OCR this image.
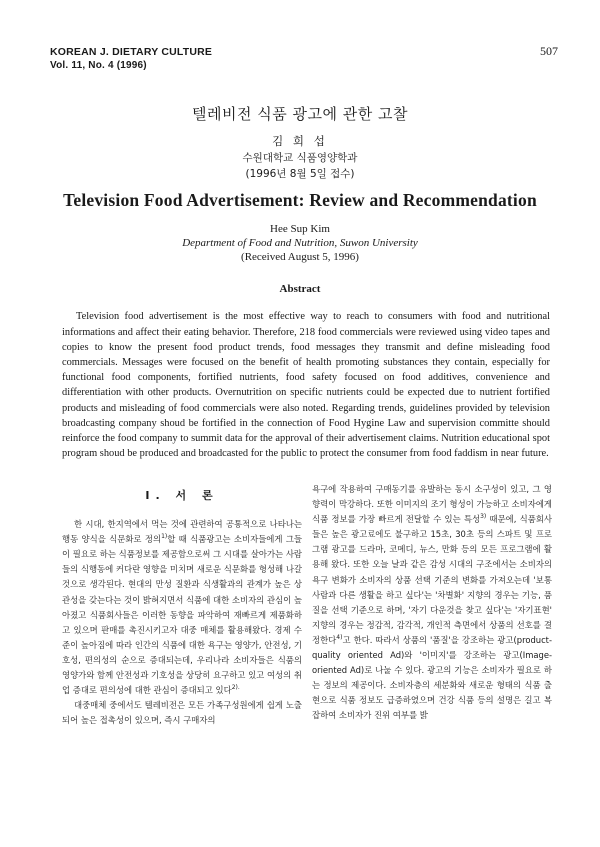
KOREAN J. DIETARY CULTURE
Vol. 11, No. 4 (1996)
507
텔레비전 식품 광고에 관한 고찰
김 희 섭
수원대학교 식품영양학과
(1996년 8월 5일 접수)
Television Food Advertisement: Review and Recommendation
Hee Sup Kim
Department of Food and Nutrition, Suwon University
(Received August 5, 1996)
Abstract

Television food advertisement is the most effective way to reach to consumers with food and nutritional informations and affect their eating behavior. Therefore, 218 food commercials were reviewed using video tapes and copies to know the present food product trends, food messages they transmit and define misleading food commercials. Messages were focused on the benefit of health promoting substances they contain, especially for functional food components, fortified nutrients, food safety focused on food additives, convenience and differentiation with other products. Overnutrition on specific nutrients could be expected due to nutrient fortified products and misleading of food commercials were also noted. Regarding trends, guidelines provided by television broadcasting company shoud be fortified in the connection of Food Hygine Law and supervision committe should reinforce the food company to summit data for the approval of their advertisement claims. Nutrition educational spot program shoud be produced and broadcasted for the public to protect the consumer from food faddism in near future.

I. 서 론

한 시대, 한지역에서 먹는 것에 관련하여 공통적으로 나타나는 행동 양식을 식문화로 정의$^{1)}$할 때 식품광고는 소비자들에게 그들이 필요로 하는 식품정보를 제공함으로써 그 시대를 살아가는 사람들의 식행동에 커다란 영향을 미치며 새로운 식문화를 형성해 나갈 것으로 생각된다. 현대의 만성 질환과 식생활과의 관계가 높은 상관성을 갖는다는 것이 밝혀지면서 식품에 대한 소비자의 관심이 높아졌고 식품회사들은 이러한 동향을 파악하여 재빠르게 제품화하고 있으며 판매를 촉진시키고자 대중 매체를 활용해왔다. 경제 수준이 높아짐에 따라 인간의 식품에 대한 욕구는 영양가, 안전성, 기호성, 편의성의 순으로 증대되는데, 우리나라 소비자들은 식품의 영양가와 함께 안전성과 기호성을 상당히 요구하고 있고 여성의 취업 증대로 편의성에 대한 관심이 증대되고 있다$^{2).}$

대중매체 중에서도 텔레비전은 모든 가족구성원에게 쉽게 노출되어 높은 접촉성이 있으며, 즉시 구매자의

욕구에 작용하여 구매동기를 유발하는 동시 소구성이 있고, 그 영향력이 막강하다. 또한 이미지의 조기 형성이 가능하고 소비자에게 식품 정보를 가장 빠르게 전달할 수 있는 특성$^{3)}$ 때문에, 식품회사들은 높은 광고료에도 불구하고 15초, 30초 등의 스파트 및 프로그램 광고를 드라마, 코메디, 뉴스, 만화 등의 모든 프로그램에 활용해 왔다. 또한 오늘 날과 같은 감성 시대의 구조에서는 소비자의 욕구 변화가 소비자의 상품 선택 기준의 변화를 가져오는데 '보통 사람과 다른 생활을 하고 싶다'는 '차별화' 지향의 경우는 기능, 품질을 선택 기준으로 하며, '자기 다운것을 찾고 싶다'는 '자기표현' 지향의 경우는 정감적, 감각적, 개인적 측면에서 상품의 선호를 결정한다$^{4)}$고 한다. 따라서 상품의 '품질'을 강조하는 광고(product-quality oriented Ad)와 '이미지'를 강조하는 광고(Image-oriented Ad)로 나눌 수 있다. 광고의 기능은 소비자가 필요로 하는 정보의 제공이다. 소비자층의 세분화와 새로운 형태의 식품 출현으로 식품 정보도 급증하였으며 건강 식품 등의 설명은 길고 복잡하여 소비자가 진위 여부를 밝
